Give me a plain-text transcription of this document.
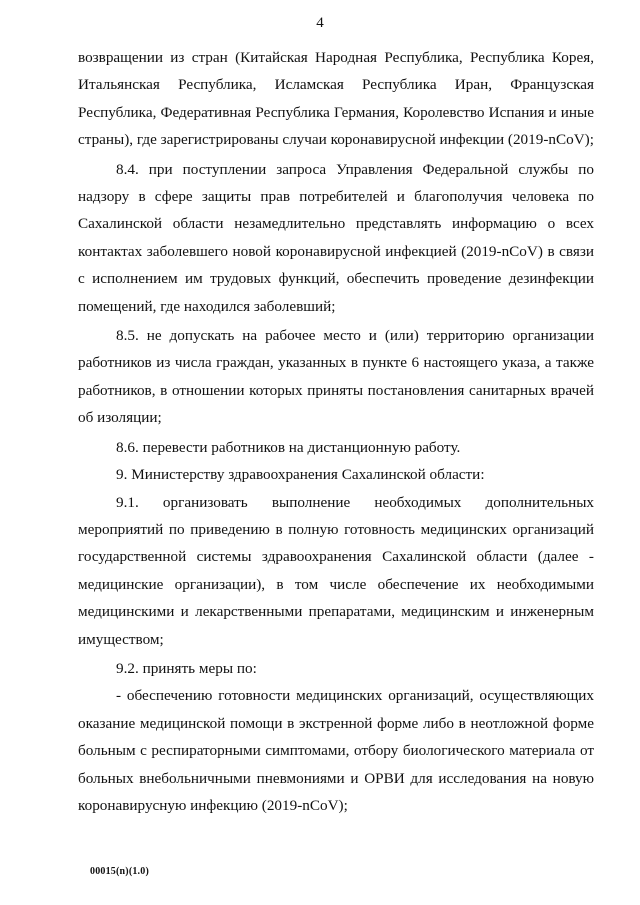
4

возвращении из стран (Китайская Народная Республика, Республика Корея, Итальянская Республика, Исламская Республика Иран, Французская Республика, Федеративная Республика Германия, Королевство Испания и иные страны), где зарегистрированы случаи коронавирусной инфекции (2019-nCoV);

8.4. при поступлении запроса Управления Федеральной службы по надзору в сфере защиты прав потребителей и благополучия человека по Сахалинской области незамедлительно представлять информацию о всех контактах заболевшего новой коронавирусной инфекцией (2019-nCoV) в связи с исполнением им трудовых функций, обеспечить проведение дезинфекции помещений, где находился заболевший;

8.5. не допускать на рабочее место и (или) территорию организации работников из числа граждан, указанных в пункте 6 настоящего указа, а также работников, в отношении которых приняты постановления санитарных врачей об изоляции;

8.6. перевести работников на дистанционную работу.

9. Министерству здравоохранения Сахалинской области:

9.1. организовать выполнение необходимых дополнительных мероприятий по приведению в полную готовность медицинских организаций государственной системы здравоохранения Сахалинской области (далее - медицинские организации), в том числе обеспечение их необходимыми медицинскими и лекарственными препаратами, медицинским и инженерным имуществом;

9.2. принять меры по:

- обеспечению готовности медицинских организаций, осуществляющих оказание медицинской помощи в экстренной форме либо в неотложной форме больным с респираторными симптомами, отбору биологического материала от больных внебольничными пневмониями и ОРВИ для исследования на новую коронавирусную инфекцию (2019-nCoV);

00015(n)(1.0)
